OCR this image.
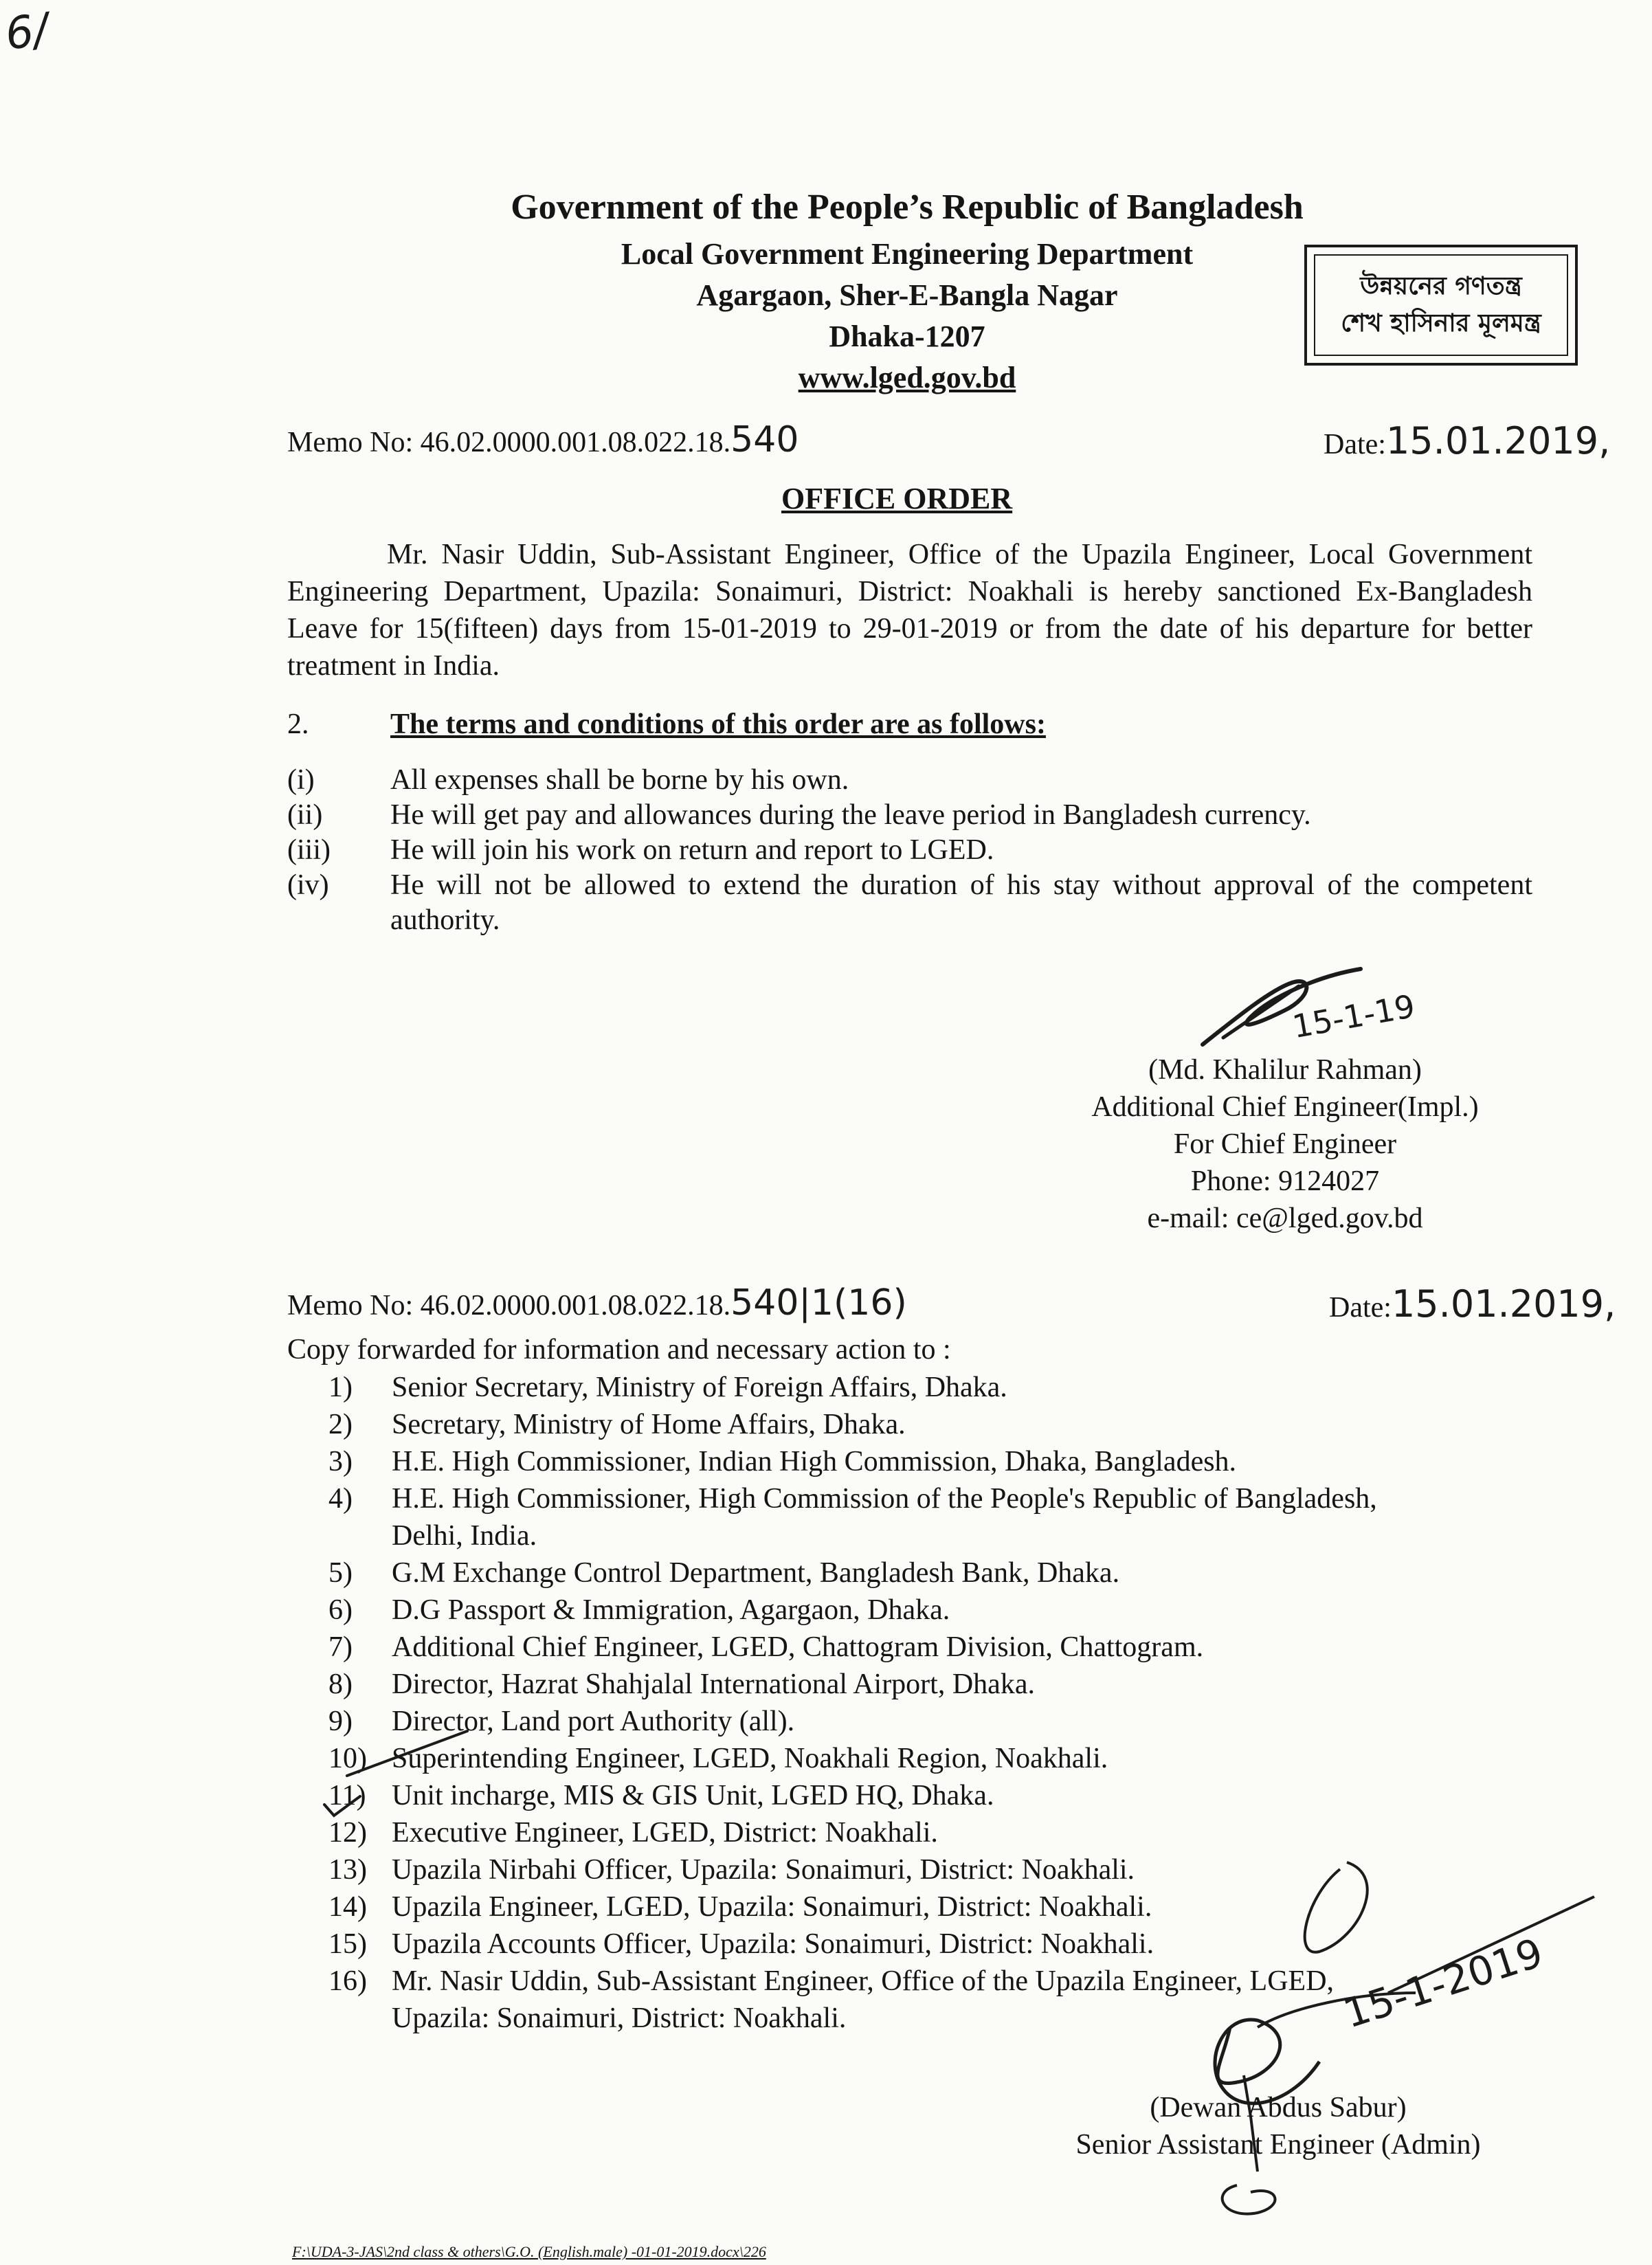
6/
Government of the People’s Republic of Bangladesh
Local Government Engineering Department
Agargaon, Sher-E-Bangla Nagar
Dhaka-1207
www.lged.gov.bd
উন্নয়নের গণতন্ত্র
শেখ হাসিনার মূলমন্ত্র
Memo No: 46.02.0000.001.08.022.18.540	Date:15.01.2019,
OFFICE ORDER
Mr. Nasir Uddin, Sub-Assistant Engineer, Office of the Upazila Engineer, Local Government Engineering Department, Upazila: Sonaimuri, District: Noakhali is hereby sanctioned Ex-Bangladesh Leave for 15(fifteen) days from 15-01-2019 to 29-01-2019 or from the date of his departure for better treatment in India.
2.	The terms and conditions of this order are as follows:
(i)	All expenses shall be borne by his own.
(ii)	He will get pay and allowances during the leave period in Bangladesh currency.
(iii)	He will join his work on return and report to LGED.
(iv)	He will not be allowed to extend the duration of his stay without approval of the competent authority.
15-1-19
(Md. Khalilur Rahman)
Additional Chief Engineer(Impl.)
For Chief Engineer
Phone: 9124027
e-mail: ce@lged.gov.bd
Memo No: 46.02.0000.001.08.022.18.540|1(16)	Date:15.01.2019,
Copy forwarded for information and necessary action to :
1)	Senior Secretary, Ministry of Foreign Affairs, Dhaka.
2)	Secretary, Ministry of Home Affairs, Dhaka.
3)	H.E. High Commissioner, Indian High Commission, Dhaka, Bangladesh.
4)	H.E. High Commissioner, High Commission of the People's Republic of Bangladesh,
Delhi, India.
5)	G.M Exchange Control Department, Bangladesh Bank, Dhaka.
6)	D.G Passport & Immigration, Agargaon, Dhaka.
7)	Additional Chief Engineer, LGED, Chattogram Division, Chattogram.
8)	Director, Hazrat Shahjalal International Airport, Dhaka.
9)	Director, Land port Authority (all).
10) Superintending Engineer, LGED, Noakhali Region, Noakhali.
11) Unit incharge, MIS & GIS Unit, LGED HQ, Dhaka.
12) Executive Engineer, LGED, District: Noakhali.
13) Upazila Nirbahi Officer, Upazila: Sonaimuri, District: Noakhali.
14) Upazila Engineer, LGED, Upazila: Sonaimuri, District: Noakhali.
15) Upazila Accounts Officer, Upazila: Sonaimuri, District: Noakhali.
16) Mr. Nasir Uddin, Sub-Assistant Engineer, Office of the Upazila Engineer, LGED,
Upazila: Sonaimuri, District: Noakhali.	15-1-2019
(Dewan Abdus Sabur)
Senior Assistant Engineer (Admin)
F:\UDA-3-JAS\2nd class & others\G.O. (English.male) -01-01-2019.docx\226
